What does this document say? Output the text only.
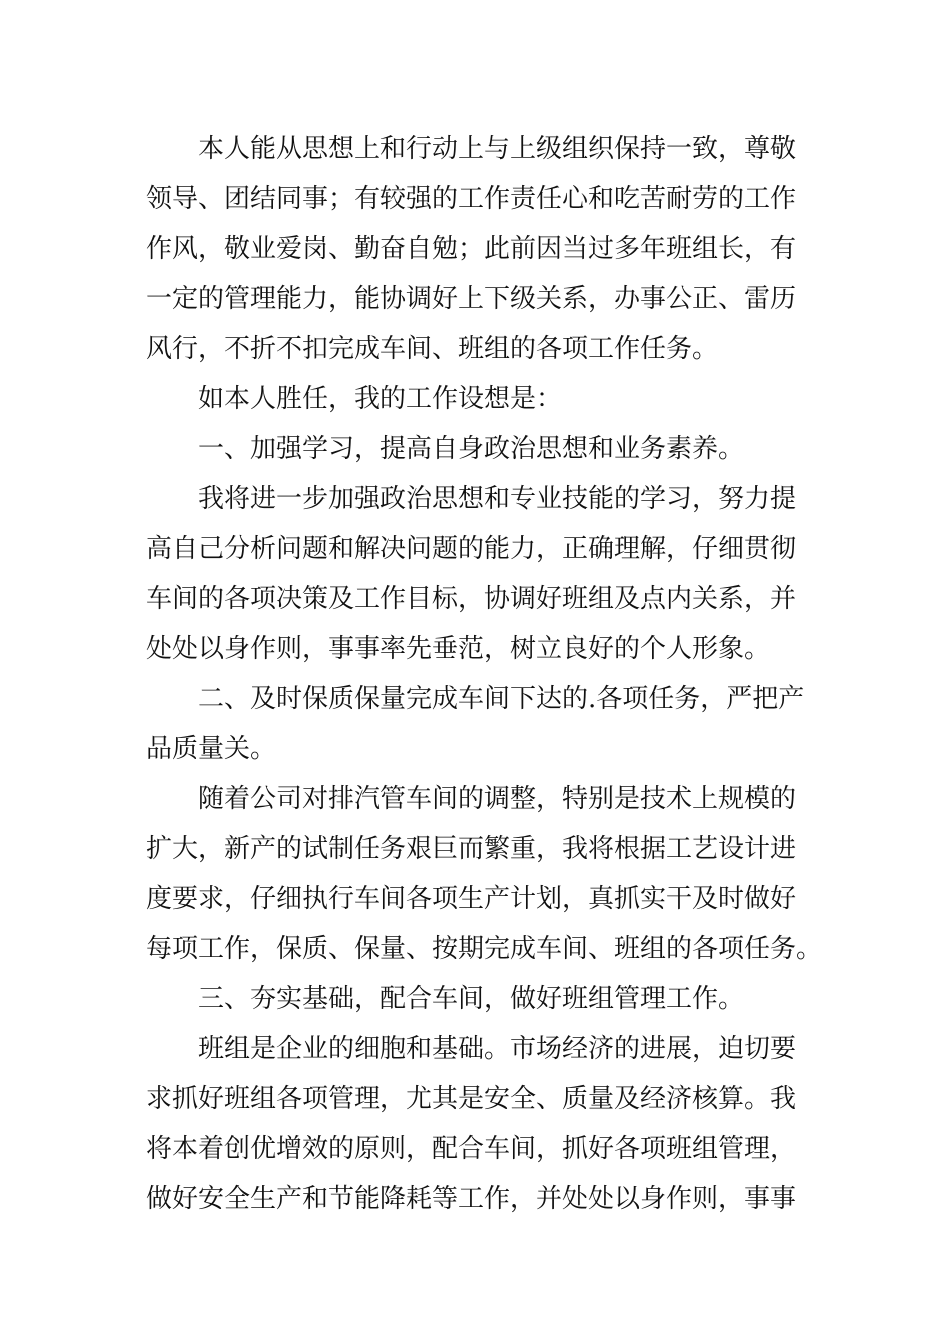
本人能从思想上和行动上与上级组织保持一致，尊敬
领导、团结同事；有较强的工作责任心和吃苦耐劳的工作
作风，敬业爱岗、勤奋自勉；此前因当过多年班组长，有
一定的管理能力，能协调好上下级关系，办事公正、雷历
风行，不折不扣完成车间、班组的各项工作任务。
如本人胜任，我的工作设想是：
一、加强学习，提高自身政治思想和业务素养。
我将进一步加强政治思想和专业技能的学习，努力提
高自己分析问题和解决问题的能力，正确理解，仔细贯彻
车间的各项决策及工作目标，协调好班组及点内关系，并
处处以身作则，事事率先垂范，树立良好的个人形象。
二、及时保质保量完成车间下达的.各项任务，严把产
品质量关。
随着公司对排汽管车间的调整，特别是技术上规模的
扩大，新产的试制任务艰巨而繁重，我将根据工艺设计进
度要求，仔细执行车间各项生产计划，真抓实干及时做好
每项工作，保质、保量、按期完成车间、班组的各项任务。
三、夯实基础，配合车间，做好班组管理工作。
班组是企业的细胞和基础。市场经济的进展，迫切要
求抓好班组各项管理，尤其是安全、质量及经济核算。我
将本着创优增效的原则，配合车间，抓好各项班组管理，
做好安全生产和节能降耗等工作，并处处以身作则，事事
